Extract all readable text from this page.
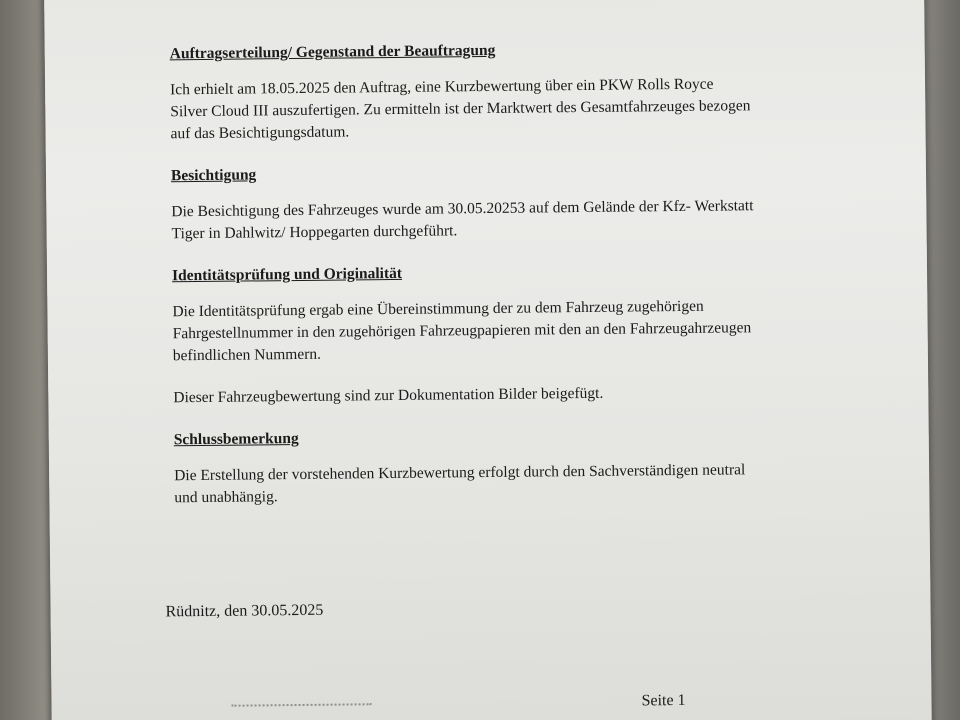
Auftragserteilung/ Gegenstand der Beauftragung

Ich erhielt am 18.05.2025 den Auftrag, eine Kurzbewertung über ein PKW Rolls Royce
Silver Cloud III auszufertigen. Zu ermitteln ist der Marktwert des Gesamtfahrzeuges bezogen
auf das Besichtigungsdatum.

Besichtigung

Die Besichtigung des Fahrzeuges wurde am 30.05.20253 auf dem Gelände der Kfz- Werkstatt
Tiger in Dahlwitz/ Hoppegarten durchgeführt.

Identitätsprüfung und Originalität

Die Identitätsprüfung ergab eine Übereinstimmung der zu dem Fahrzeug zugehörigen
Fahrgestellnummer in den zugehörigen Fahrzeugpapieren mit den an den Fahrzeugahrzeugen
befindlichen Nummern.

Dieser Fahrzeugbewertung sind zur Dokumentation Bilder beigefügt.

Schlussbemerkung

Die Erstellung der vorstehenden Kurzbewertung erfolgt durch den Sachverständigen neutral
und unabhängig.

Rüdnitz, den 30.05.2025
Seite 1
